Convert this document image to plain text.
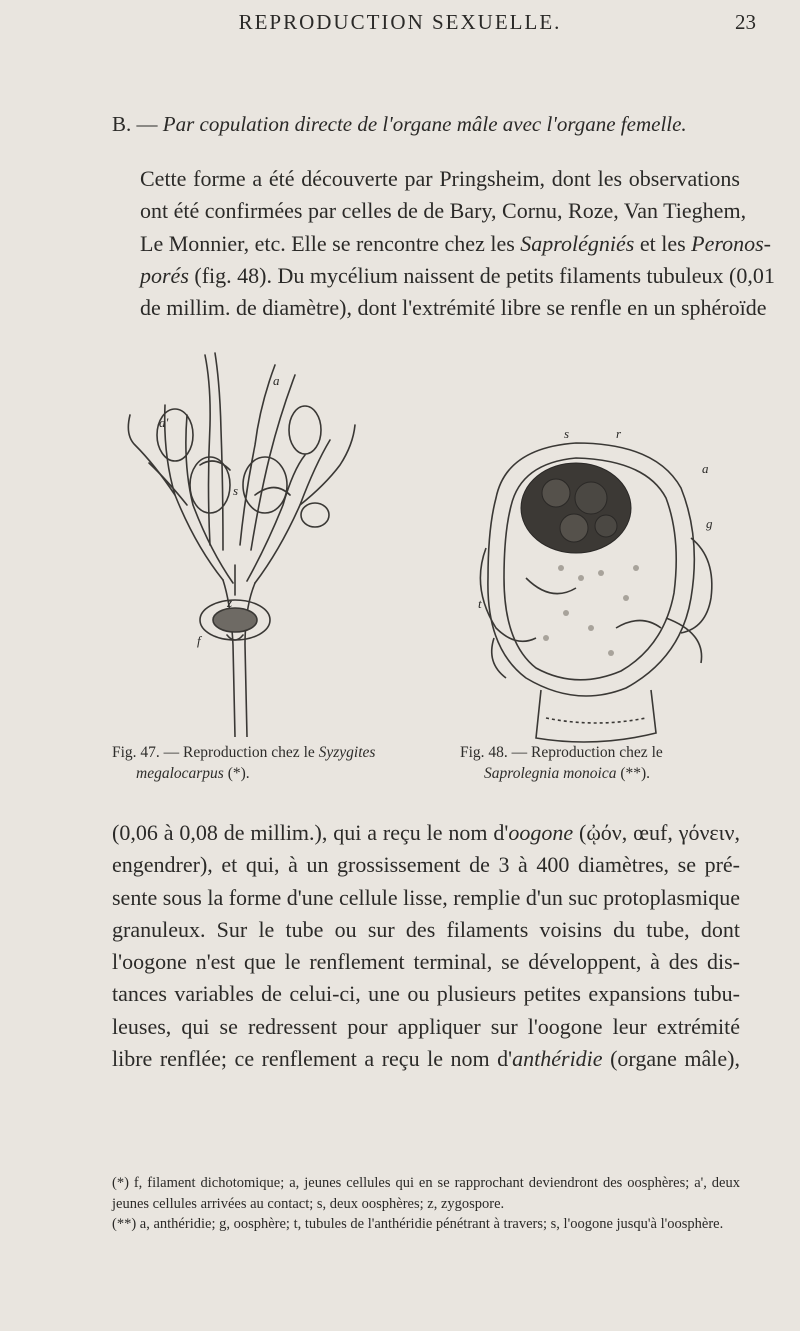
REPRODUCTION SEXUELLE.	23
B. — Par copulation directe de l'organe mâle avec l'organe femelle.
Cette forme a été découverte par Pringsheim, dont les observations
ont été confirmées par celles de de Bary, Cornu, Roze, Van Tieghem,
Le Monnier, etc. Elle se rencontre chez les Saprolégniés et les Peronos-
porés (fig. 48). Du mycélium naissent de petits filaments tubuleux (0,01
de millim. de diamètre), dont l'extrémité libre se renfle en un sphéroïde
a
a'
s
z
f
s	r
a
g
t
Fig. 47. — Reproduction chez le Syzygites
megalocarpus (*).
Fig. 48. — Reproduction chez le
Saprolegnia monoica (**).
(0,06 à 0,08 de millim.), qui a reçu le nom d'oogone (ᾠόν, œuf, γόνειν,
engendrer), et qui, à un grossissement de 3 à 400 diamètres, se pré-
sente sous la forme d'une cellule lisse, remplie d'un suc protoplasmique
granuleux. Sur le tube ou sur des filaments voisins du tube, dont
l'oogone n'est que le renflement terminal, se développent, à des dis-
tances variables de celui-ci, une ou plusieurs petites expansions tubu-
leuses, qui se redressent pour appliquer sur l'oogone leur extrémité
libre renflée; ce renflement a reçu le nom d'anthéridie (organe mâle),

(*) f, filament dichotomique; a, jeunes cellules qui en se rapprochant deviendront des oosphères; a', deux jeunes cellules arrivées au contact; s, deux oosphères; z, zygospore.

(**) a, anthéridie; g, oosphère; t, tubules de l'anthéridie pénétrant à travers; s, l'oogone jusqu'à l'oosphère.
